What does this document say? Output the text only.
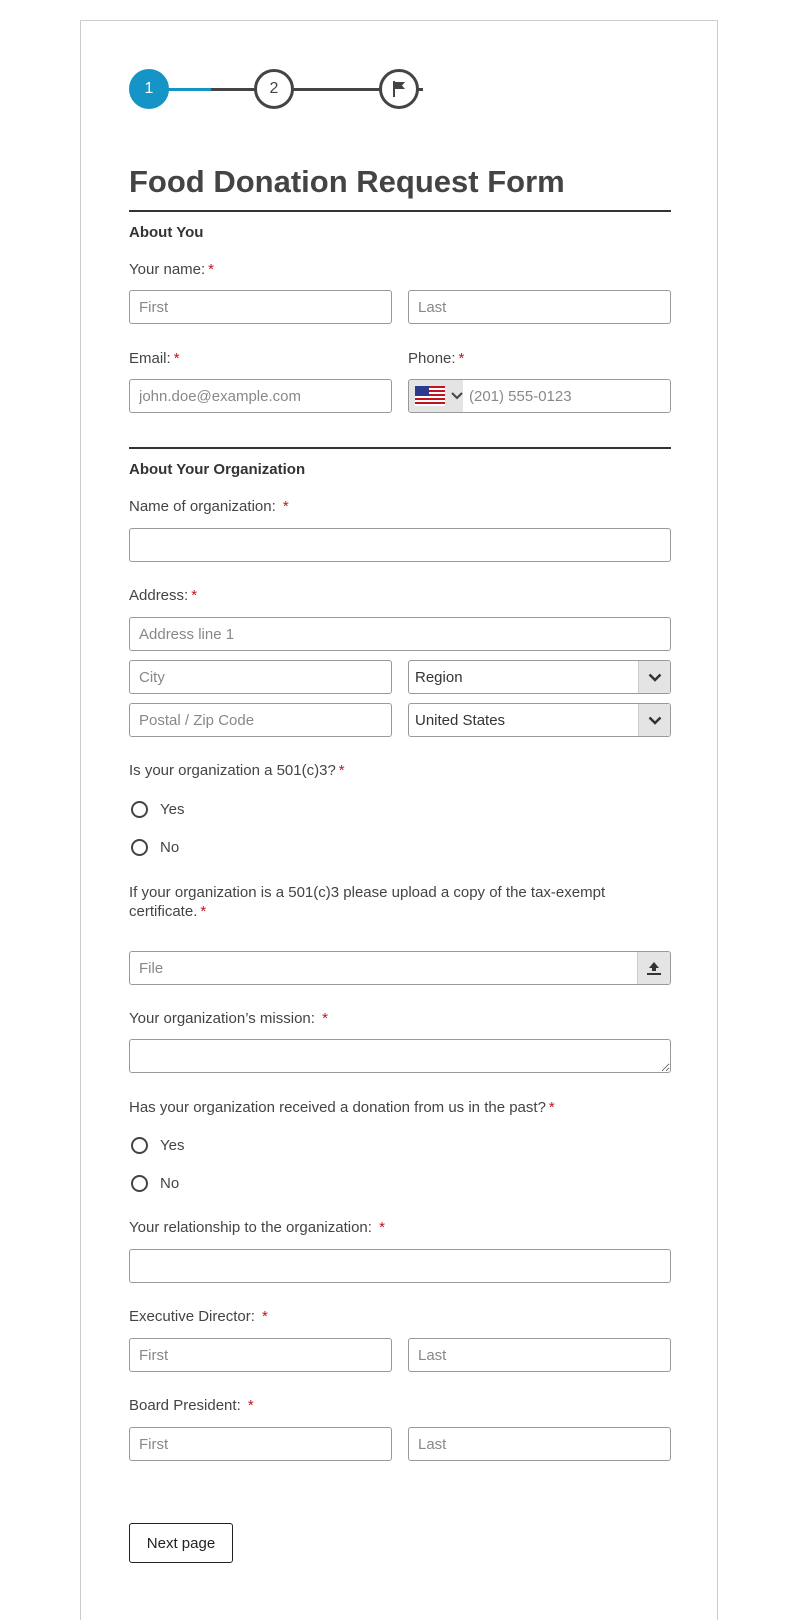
1	2
Food Donation Request Form
About You
Your name: *
First
Last
Email: *	Phone: *
john.doe@example.com
(201) 555-0123
About Your Organization
Name of organization: *
Address: *
Address line 1
City
Region
Postal / Zip Code
United States
Is your organization a 501(c)3? *
Yes
No
If your organization is a 501(c)3 please upload a copy of the tax-exempt certificate. *
File
Your organization’s mission: *
Has your organization received a donation from us in the past? *
Yes
No
Your relationship to the organization: *
Executive Director: *
First
Last
Board President: *
First
Last
Next page
